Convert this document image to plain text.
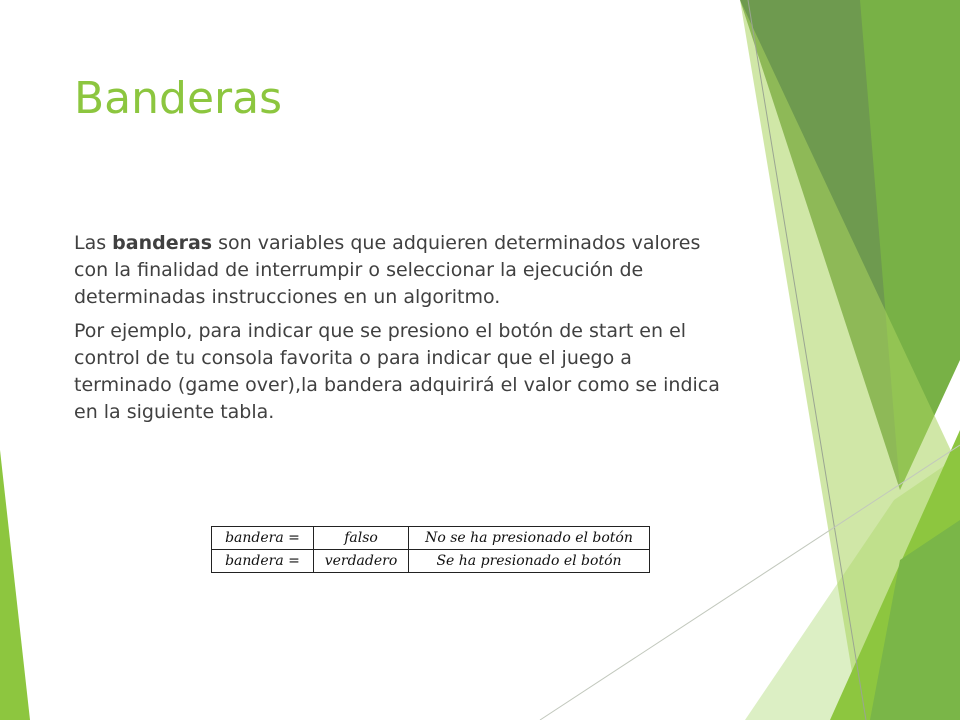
Banderas

Las banderas son variables que adquieren determinados valores con la finalidad de interrumpir o seleccionar la ejecución de determinadas instrucciones en un algoritmo.

Por ejemplo, para indicar que se presiono el botón de start en el control de tu consola favorita o para indicar que el juego a terminado (game over),la bandera adquirirá el valor como se indica en la siguiente tabla.

bandera =	falso	No se ha presionado el botón
bandera =	verdadero	Se ha presionado el botón
